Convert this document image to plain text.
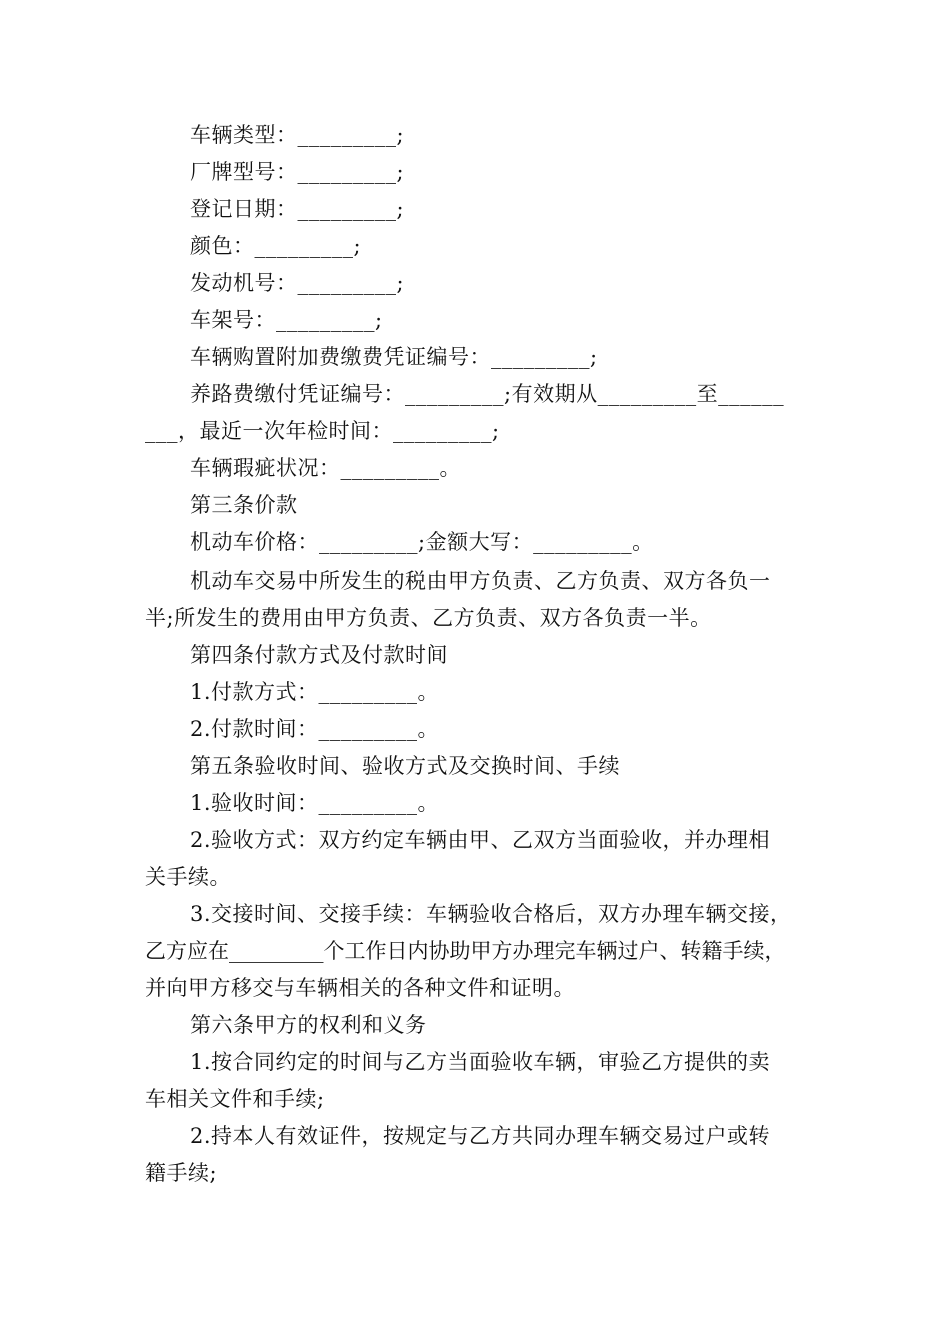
车辆类型：_________;
厂牌型号：_________;
登记日期：_________;
颜色：_________;
发动机号：_________;
车架号：_________;
车辆购置附加费缴费凭证编号：_________;
养路费缴付凭证编号：_________;有效期从_________至______
___，最近一次年检时间：_________;
车辆瑕疵状况：_________。
第三条价款
机动车价格：_________;金额大写：_________。
机动车交易中所发生的税由甲方负责、乙方负责、双方各负一
半;所发生的费用由甲方负责、乙方负责、双方各负责一半。
第四条付款方式及付款时间
1.付款方式：_________。
2.付款时间：_________。
第五条验收时间、验收方式及交换时间、手续
1.验收时间：_________。
2.验收方式：双方约定车辆由甲、乙双方当面验收，并办理相
关手续。
3.交接时间、交接手续：车辆验收合格后，双方办理车辆交接，
乙方应在_________个工作日内协助甲方办理完车辆过户、转籍手续，
并向甲方移交与车辆相关的各种文件和证明。
第六条甲方的权利和义务
1.按合同约定的时间与乙方当面验收车辆，审验乙方提供的卖
车相关文件和手续;
2.持本人有效证件，按规定与乙方共同办理车辆交易过户或转
籍手续;
